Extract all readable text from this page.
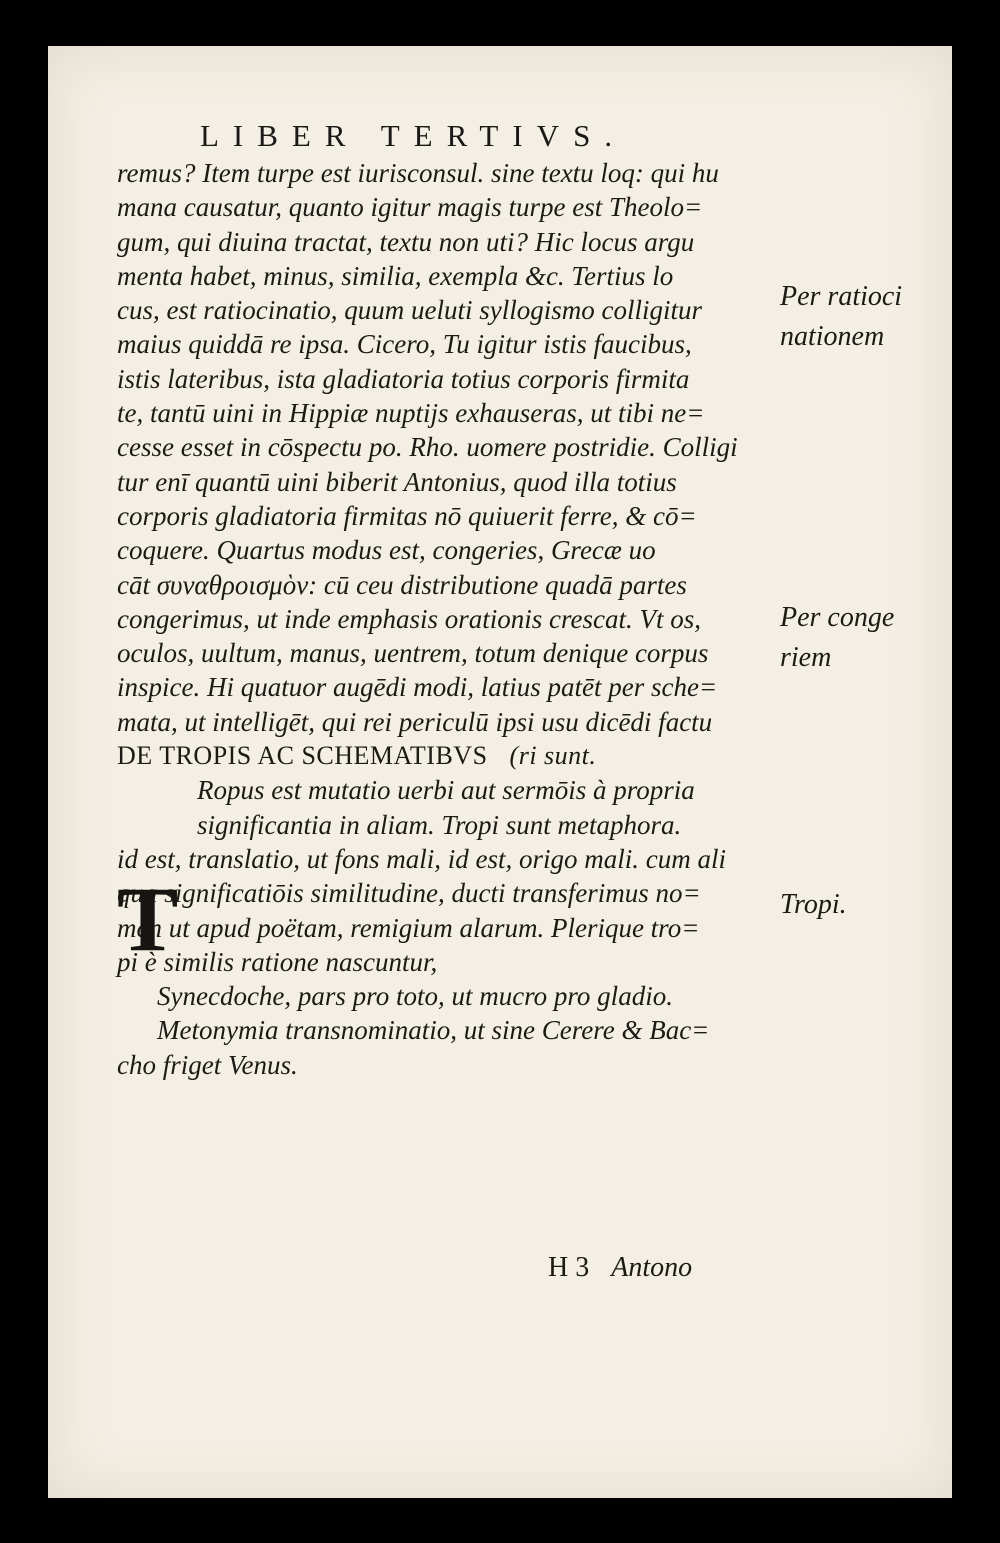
LIBER TERTIVS.
remus? Item turpe est iurisconsul. sine textu loq: qui hu
mana causatur, quanto igitur magis turpe est Theolo=
gum, qui diuina tractat, textu non uti? Hic locus argu
menta habet, minus, similia, exempla &c. Tertius lo
cus, est ratiocinatio, quum ueluti syllogismo colligitur
maius quiddā re ipsa. Cicero, Tu igitur istis faucibus,
istis lateribus, ista gladiatoria totius corporis firmita
te, tantū uini in Hippiæ nuptijs exhauseras, ut tibi ne=
cesse esset in cōspectu po. Rho. uomere postridie. Colligi
tur enī quantū uini biberit Antonius, quod illa totius
corporis gladiatoria firmitas nō quiuerit ferre, & cō=
coquere. Quartus modus est, congeries, Grecæ uo
cāt συναθροισμὸν: cū ceu distributione quadā partes
congerimus, ut inde emphasis orationis crescat. Vt os,
oculos, uultum, manus, uentrem, totum denique corpus
inspice. Hi quatuor augēdi modi, latius patēt per sche=
mata, ut intelligēt, qui rei periculū ipsi usu dicēdi factu
DE TROPIS AC SCHEMATIBVS (ri sunt.
Ropus est mutatio uerbi aut sermōis à propria
significantia in aliam. Tropi sunt metaphora.
id est, translatio, ut fons mali, id est, origo mali. cum ali
qua significatiōis similitudine, ducti transferimus no=
men ut apud poëtam, remigium alarum. Plerique tro=
pi è similis ratione nascuntur,
Synecdoche, pars pro toto, ut mucro pro gladio.
Metonymia transnominatio, ut sine Cerere & Bac=
cho friget Venus.
T
Per ratioci
nationem
Per conge
riem
Tropi.
H 3 Antono
